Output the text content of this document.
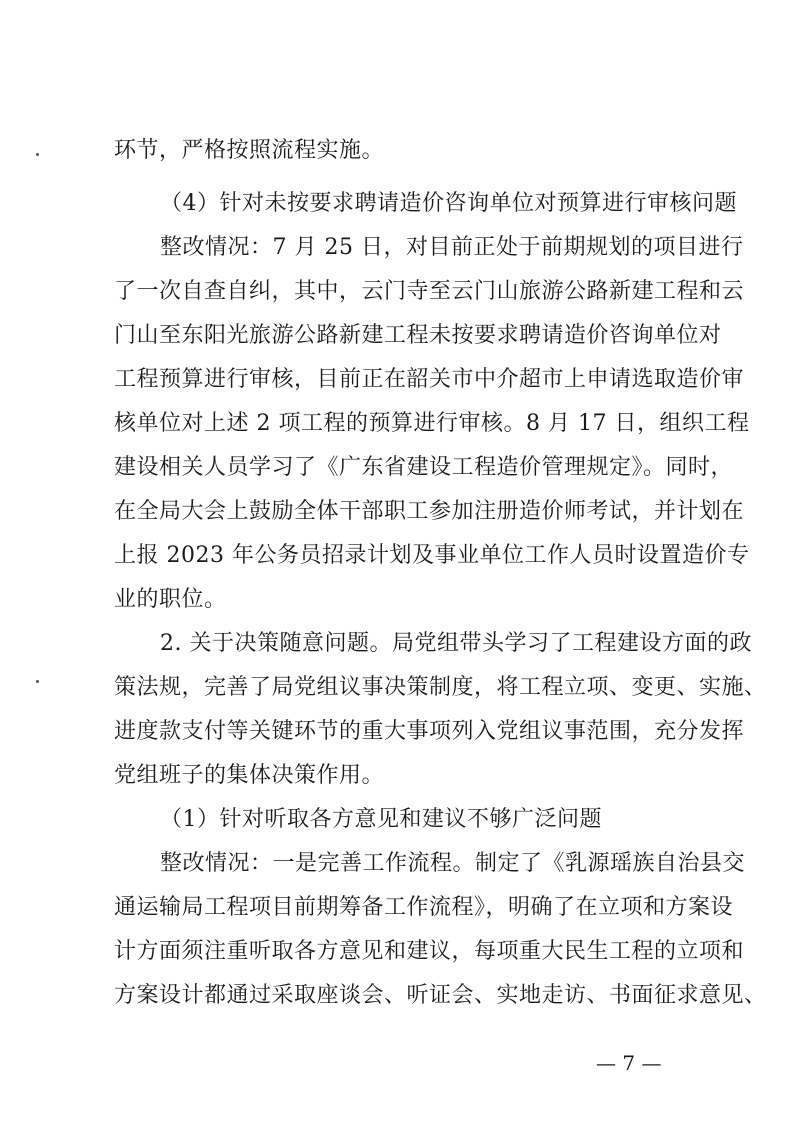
环节，严格按照流程实施。
（4）针对未按要求聘请造价咨询单位对预算进行审核问题
整改情况：7 月 25 日，对目前正处于前期规划的项目进行
了一次自查自纠，其中，云门寺至云门山旅游公路新建工程和云
门山至东阳光旅游公路新建工程未按要求聘请造价咨询单位对
工程预算进行审核，目前正在韶关市中介超市上申请选取造价审
核单位对上述 2 项工程的预算进行审核。8 月 17 日，组织工程
建设相关人员学习了《广东省建设工程造价管理规定》。同时，
在全局大会上鼓励全体干部职工参加注册造价师考试，并计划在
上报 2023 年公务员招录计划及事业单位工作人员时设置造价专
业的职位。
2. 关于决策随意问题。局党组带头学习了工程建设方面的政
策法规，完善了局党组议事决策制度，将工程立项、变更、实施、
进度款支付等关键环节的重大事项列入党组议事范围，充分发挥
党组班子的集体决策作用。
（1）针对听取各方意见和建议不够广泛问题
整改情况：一是完善工作流程。制定了《乳源瑶族自治县交
通运输局工程项目前期筹备工作流程》，明确了在立项和方案设
计方面须注重听取各方意见和建议，每项重大民生工程的立项和
方案设计都通过采取座谈会、听证会、实地走访、书面征求意见、
— 7 —
